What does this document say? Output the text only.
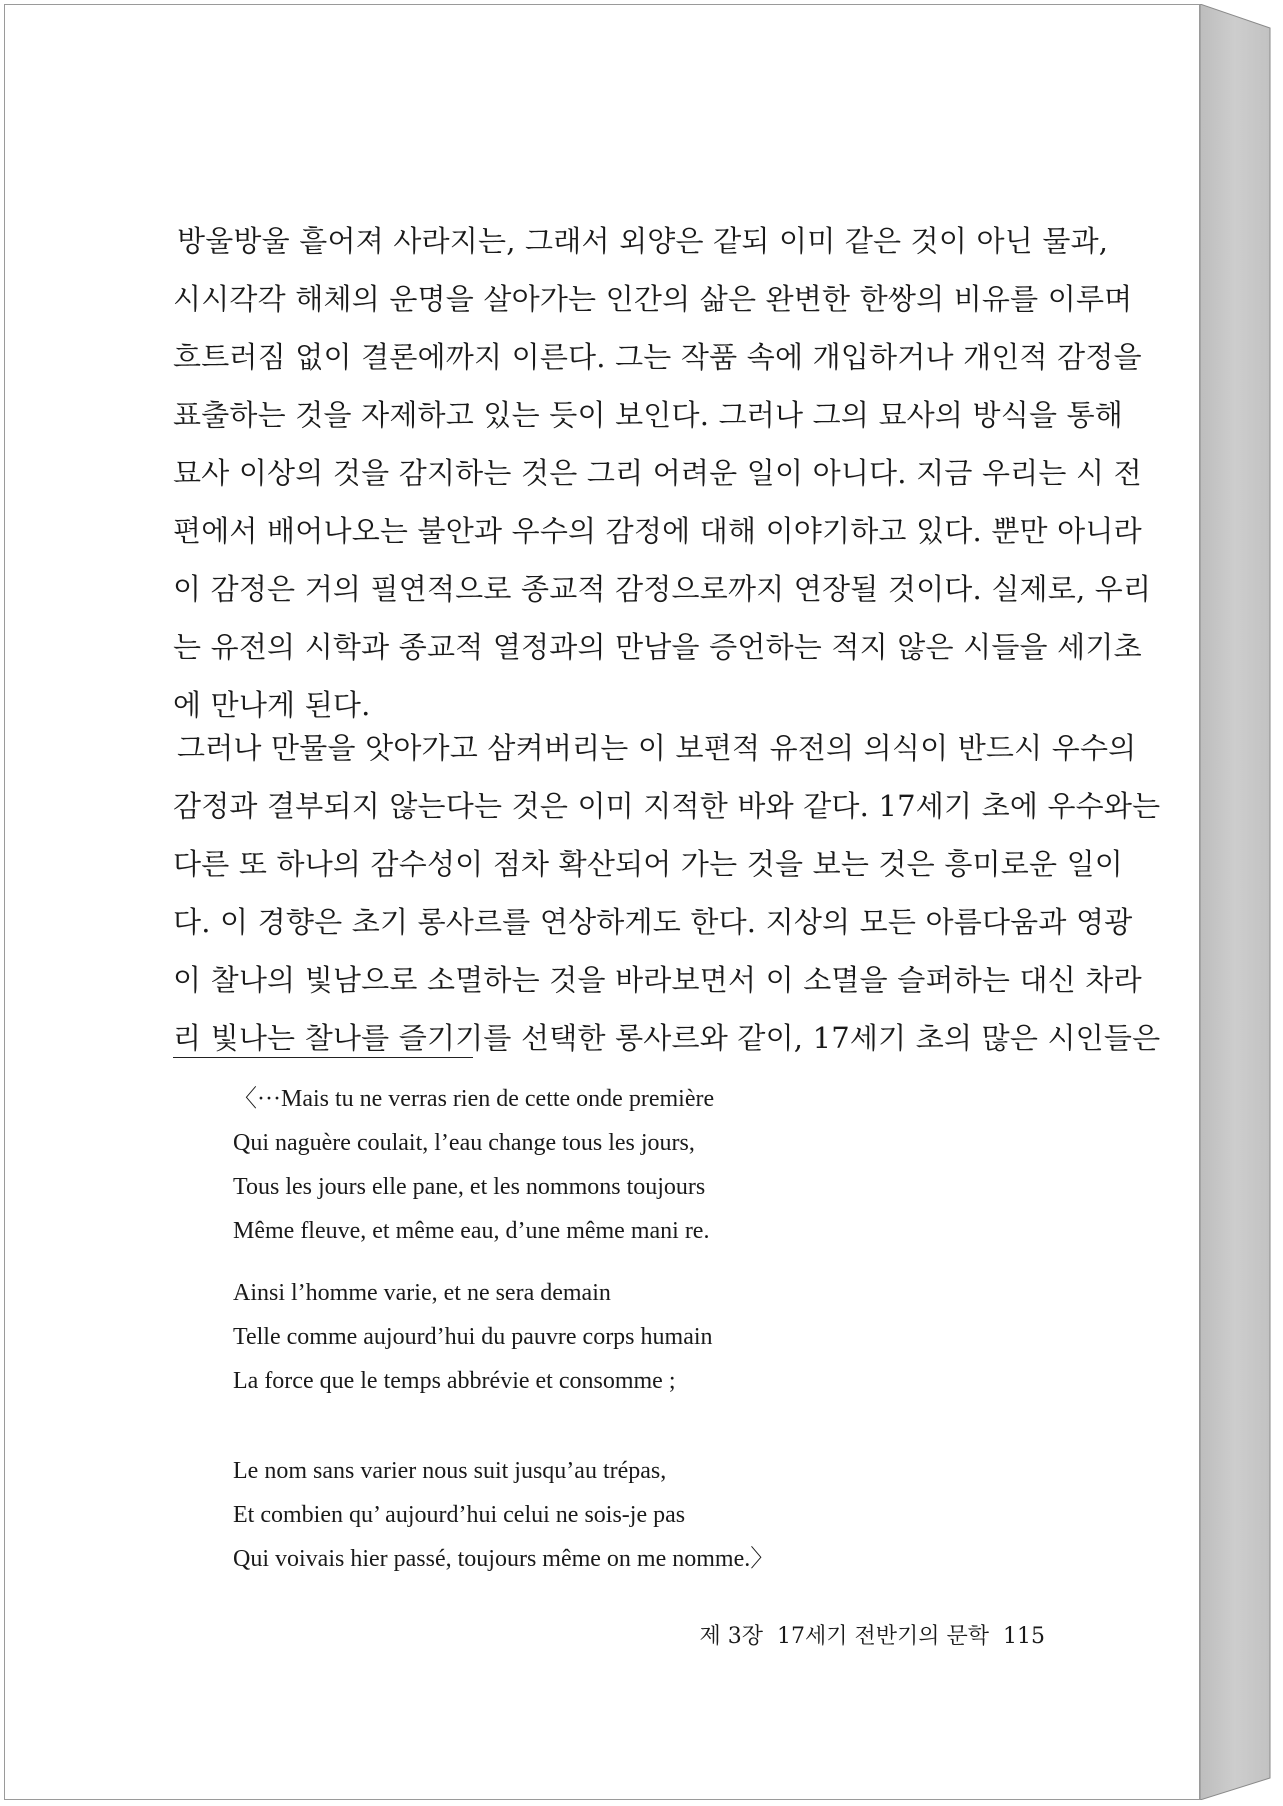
방울방울 흩어져 사라지는, 그래서 외양은 같되 이미 같은 것이 아닌 물과,
시시각각 해체의 운명을 살아가는 인간의 삶은 완변한 한쌍의 비유를 이루며
흐트러짐 없이 결론에까지 이른다. 그는 작품 속에 개입하거나 개인적 감정을
표출하는 것을 자제하고 있는 듯이 보인다. 그러나 그의 묘사의 방식을 통해
묘사 이상의 것을 감지하는 것은 그리 어려운 일이 아니다. 지금 우리는 시 전
편에서 배어나오는 불안과 우수의 감정에 대해 이야기하고 있다. 뿐만 아니라
이 감정은 거의 필연적으로 종교적 감정으로까지 연장될 것이다. 실제로, 우리
는 유전의 시학과 종교적 열정과의 만남을 증언하는 적지 않은 시들을 세기초
에 만나게 된다.
그러나 만물을 앗아가고 삼켜버리는 이 보편적 유전의 의식이 반드시 우수의
감정과 결부되지 않는다는 것은 이미 지적한 바와 같다. 17세기 초에 우수와는
다른 또 하나의 감수성이 점차 확산되어 가는 것을 보는 것은 흥미로운 일이
다. 이 경향은 초기 롱사르를 연상하게도 한다. 지상의 모든 아름다움과 영광
이 찰나의 빛남으로 소멸하는 것을 바라보면서 이 소멸을 슬퍼하는 대신 차라
리 빛나는 찰나를 즐기기를 선택한 롱사르와 같이, 17세기 초의 많은 시인들은
〈···Mais tu ne verras rien de cette onde première
Qui naguère coulait, l’eau change tous les jours,
Tous les jours elle pane, et les nommons toujours
Même fleuve, et même eau, d’une même mani re.
Ainsi l’homme varie, et ne sera demain
Telle comme aujourd’hui du pauvre corps humain
La force que le temps abbrévie et consomme ;
Le nom sans varier nous suit jusqu’au trépas,
Et combien qu’ aujourd’hui celui ne sois-je pas
Qui voivais hier passé, toujours même on me nomme.〉
제 3장 17세기 전반기의 문학 115
